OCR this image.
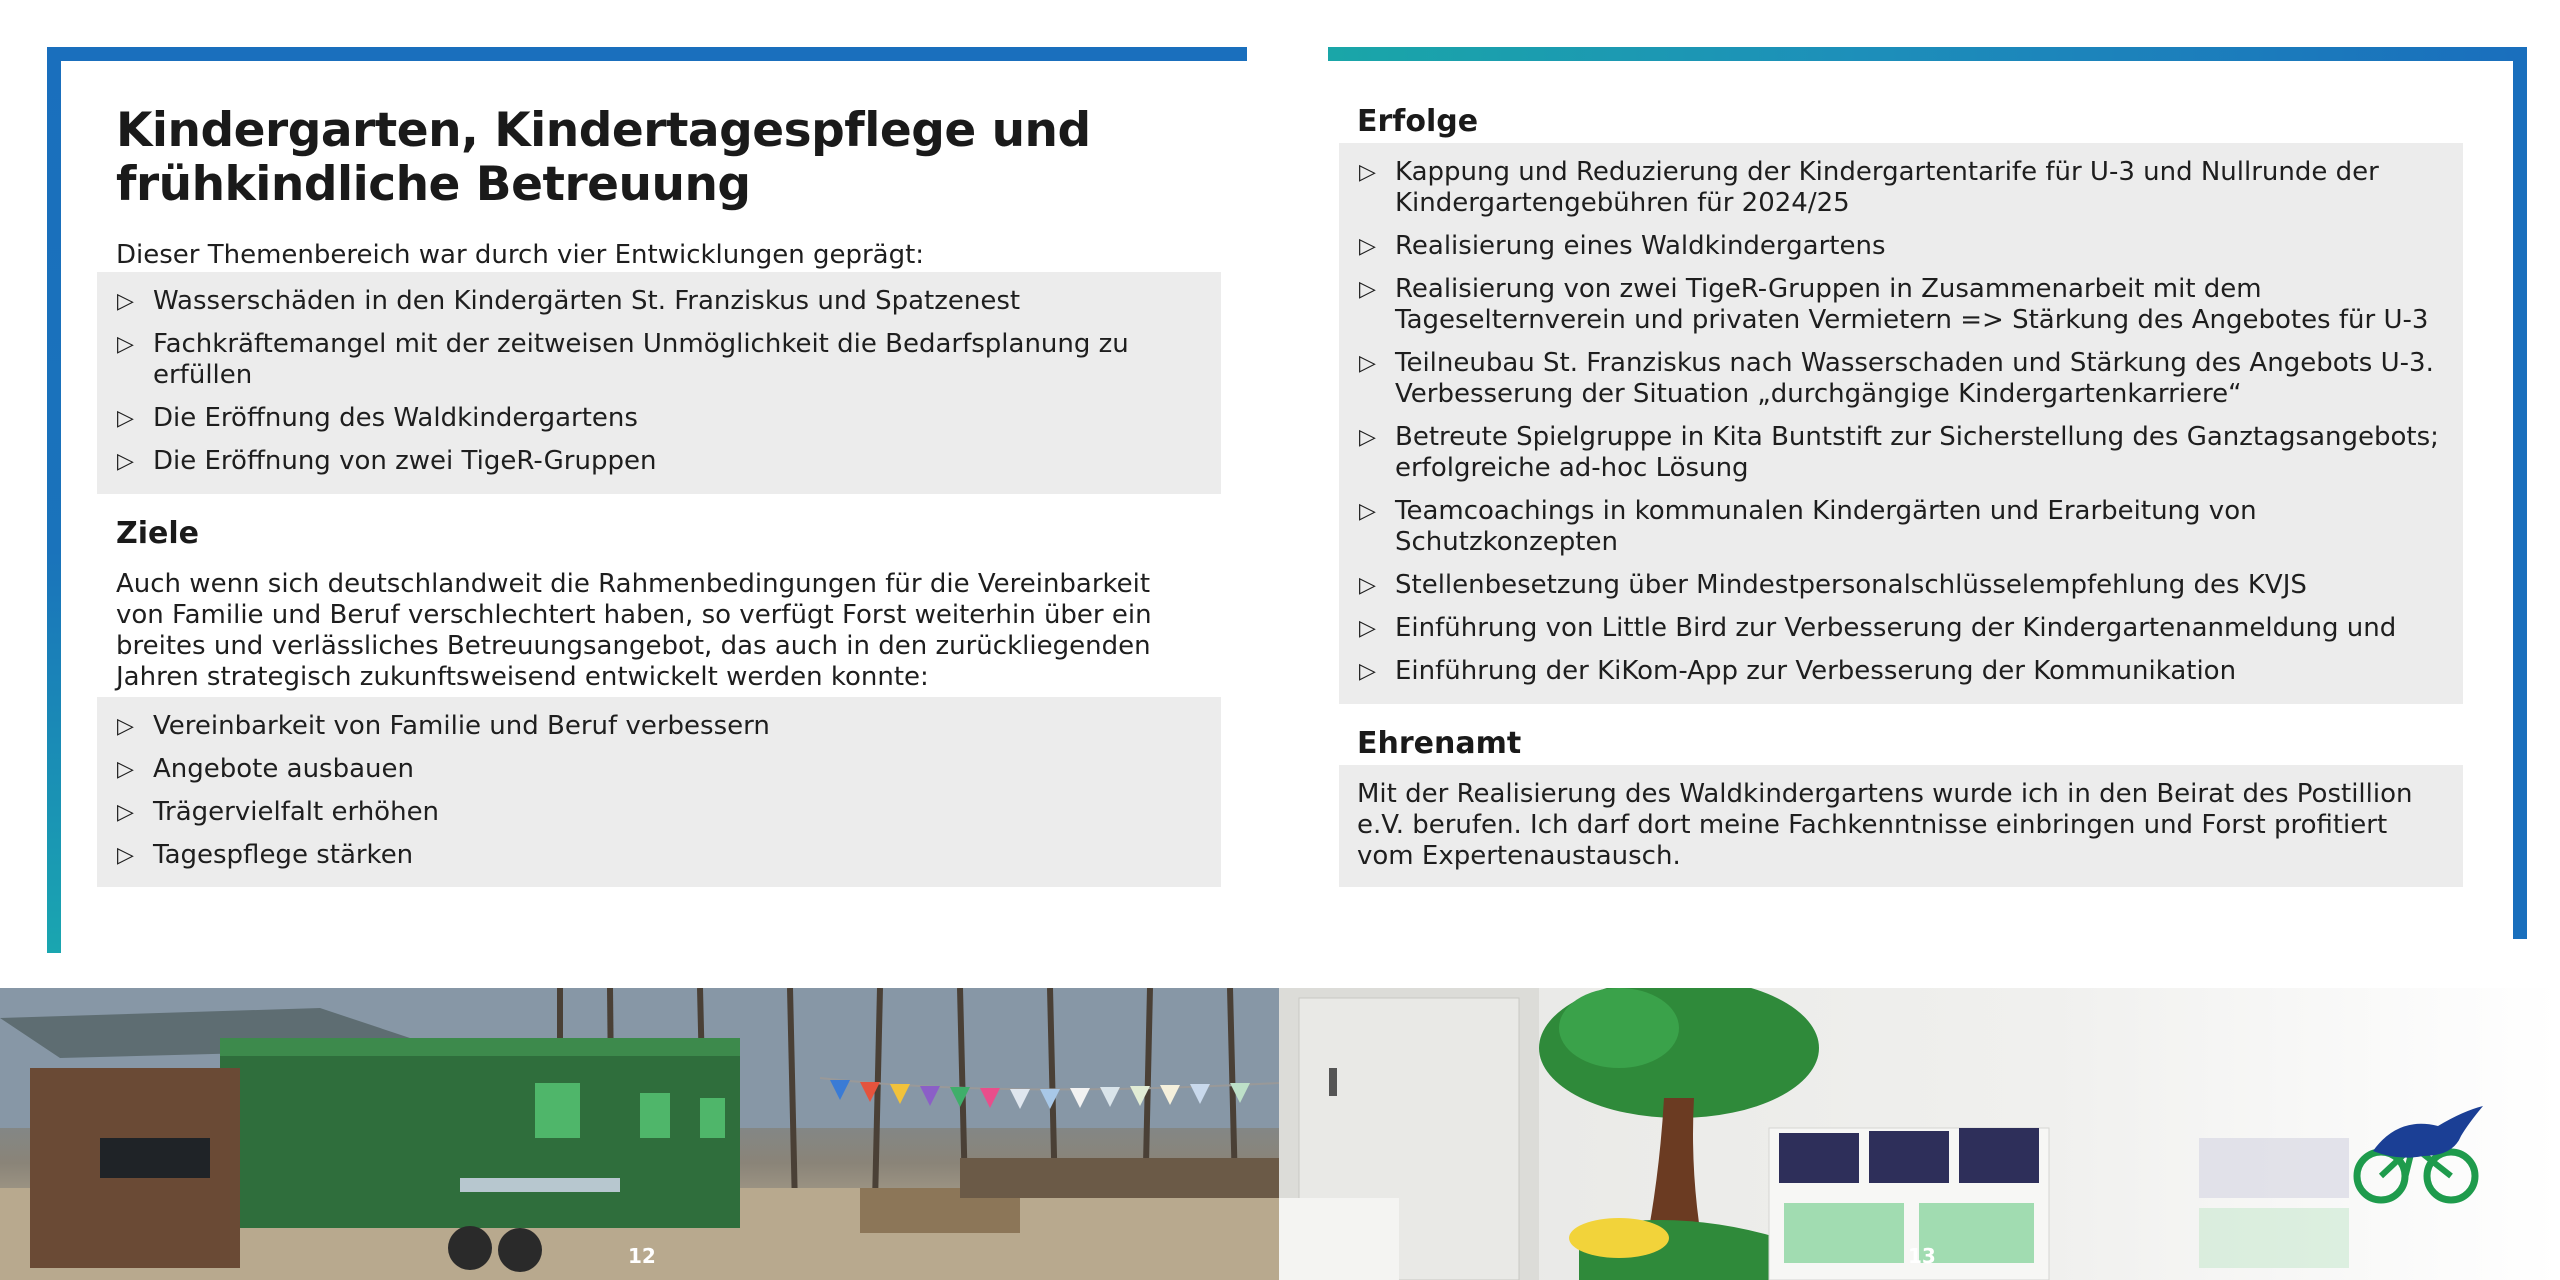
Kindergarten, Kindertagespflege und frühkindliche Betreuung
Dieser Themenbereich war durch vier Entwicklungen geprägt:
▷ Wasserschäden in den Kindergärten St. Franziskus und Spatzenest
▷ Fachkräftemangel mit der zeitweisen Unmöglichkeit die Bedarfsplanung zu erfüllen
▷ Die Eröffnung des Waldkindergartens
▷ Die Eröffnung von zwei TigeR-Gruppen
Ziele
Auch wenn sich deutschlandweit die Rahmenbedingungen für die Vereinbarkeit von Familie und Beruf verschlechtert haben, so verfügt Forst weiterhin über ein breites und verlässliches Betreuungsangebot, das auch in den zurückliegenden Jahren strategisch zukunftsweisend entwickelt werden konnte:
▷ Vereinbarkeit von Familie und Beruf verbessern
▷ Angebote ausbauen
▷ Trägervielfalt erhöhen
▷ Tagespflege stärken
Erfolge
▷ Kappung und Reduzierung der Kindergartentarife für U-3 und Nullrunde der Kindergartengebühren für 2024/25
▷ Realisierung eines Waldkindergartens
▷ Realisierung von zwei TigeR-Gruppen in Zusammenarbeit mit dem Tageselternverein und privaten Vermietern => Stärkung des Angebotes für U-3
▷ Teilneubau St. Franziskus nach Wasserschaden und Stärkung des Angebots U-3. Verbesserung der Situation „durchgängige Kindergartenkarriere“
▷ Betreute Spielgruppe in Kita Buntstift zur Sicherstellung des Ganztagsangebots; erfolgreiche ad-hoc Lösung
▷ Teamcoachings in kommunalen Kindergärten und Erarbeitung von Schutzkonzepten
▷ Stellenbesetzung über Mindestpersonalschlüsselempfehlung des KVJS
▷ Einführung von Little Bird zur Verbesserung der Kindergartenanmeldung und
▷ Einführung der KiKom-App zur Verbesserung der Kommunikation
Ehrenamt

Mit der Realisierung des Waldkindergartens wurde ich in den Beirat des Postillion e.V. berufen. Ich darf dort meine Fachkenntnisse einbringen und Forst profitiert vom Expertenaustausch.

12	13
